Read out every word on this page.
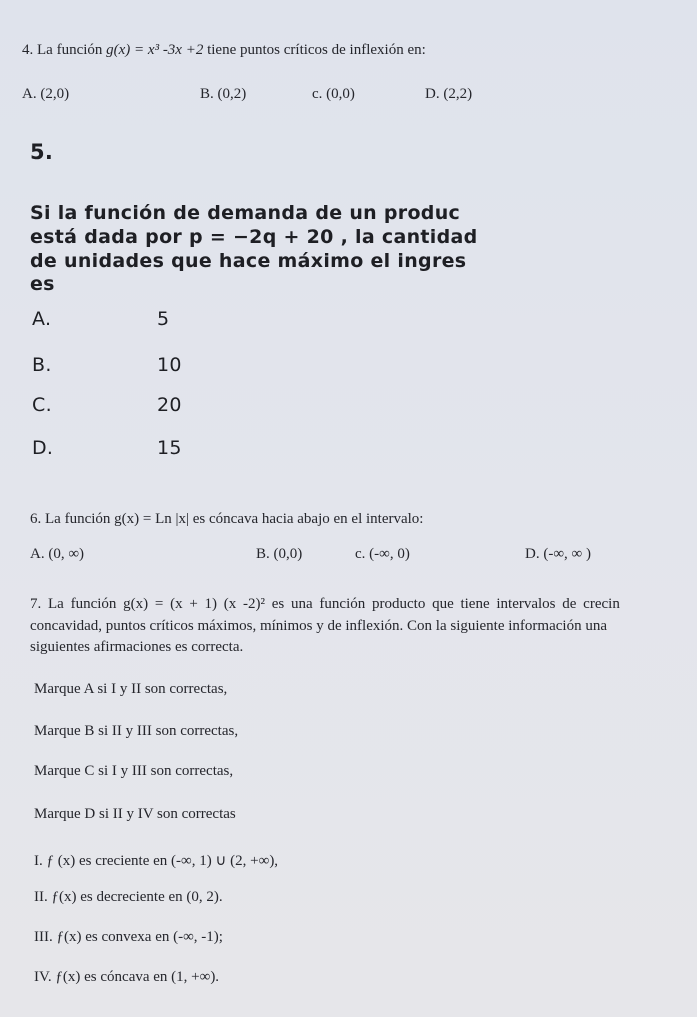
4. La función g(x) = x³ -3x +2 tiene puntos críticos de inflexión en:
A. (2,0)	B. (0,2)	c. (0,0)	D. (2,2)
5.
Si la función de demanda de un produc
está dada por p = −2q + 20 , la cantidad
de unidades que hace máximo el ingres
es
A.	5
B.	10
C.	20
D.	15
6. La función g(x) = Ln |x| es cóncava hacia abajo en el intervalo:
A. (0, ∞)	B. (0,0)	c. (-∞, 0)	D. (-∞, ∞ )
7. La función g(x) = (x + 1) (x -2)² es una función producto que tiene intervalos de crecin
concavidad, puntos críticos máximos, mínimos y de inflexión. Con la siguiente información una
siguientes afirmaciones es correcta.
Marque A si I y II son correctas,
Marque B si II y III son correctas,
Marque C si I y III son correctas,
Marque D si II y IV son correctas
I. ƒ (x) es creciente en (-∞, 1) ∪ (2, +∞),
II. ƒ(x) es decreciente en (0, 2).
III. ƒ(x) es convexa en (-∞, -1);
IV. ƒ(x) es cóncava en (1, +∞).
